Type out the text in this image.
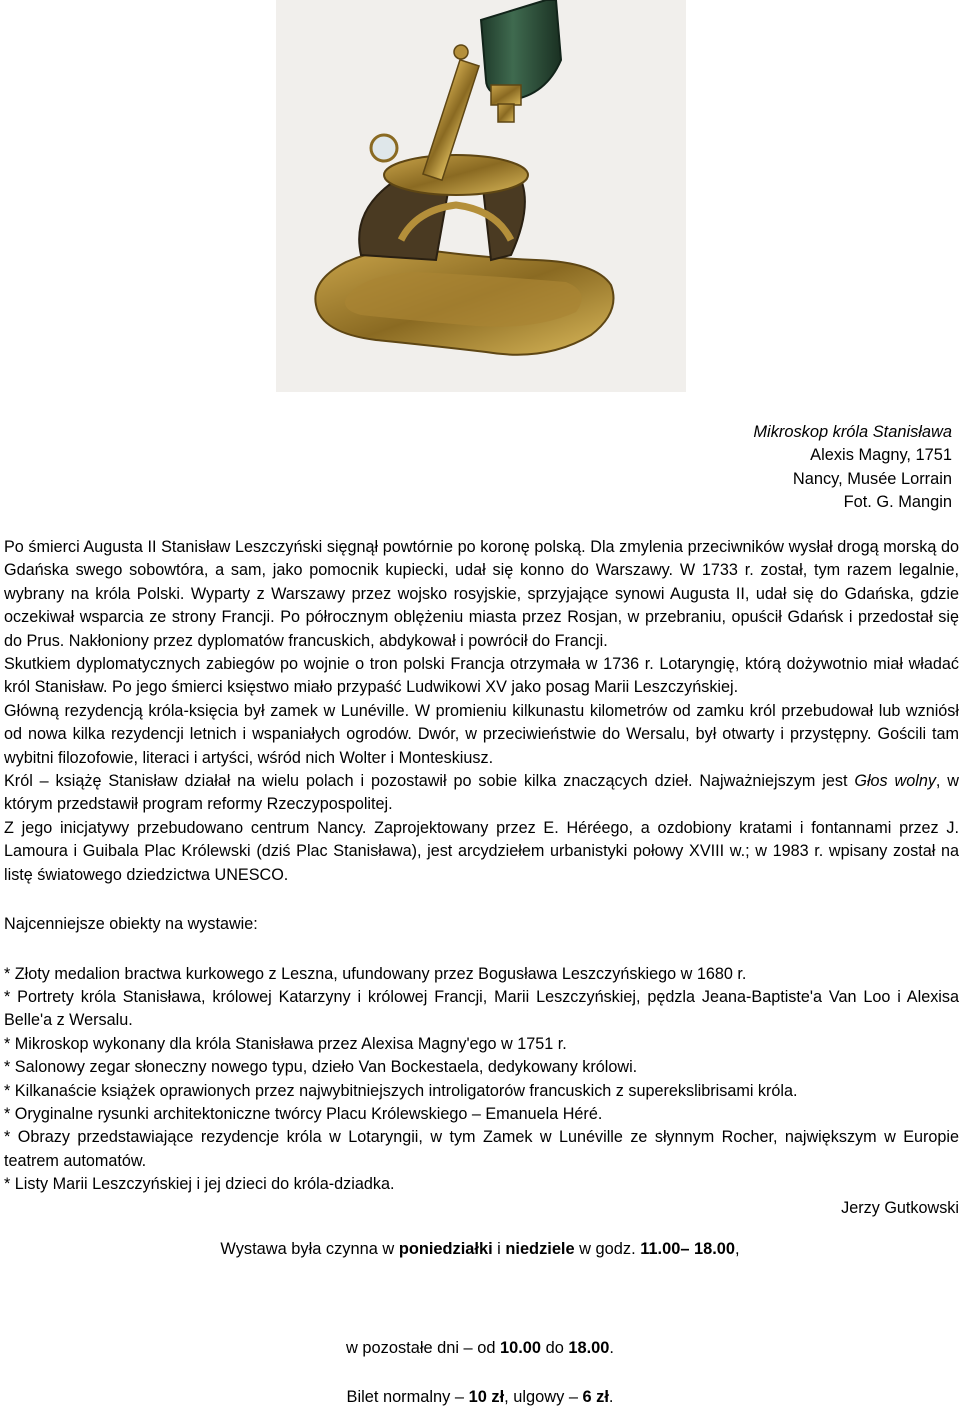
Mikroskop króla Stanisława
Alexis Magny, 1751
Nancy, Musée Lorrain
Fot. G. Mangin

Po śmierci Augusta II Stanisław Leszczyński sięgnął powtórnie po koronę polską. Dla zmylenia przeciwników wysłał drogą morską do Gdańska swego sobowtóra, a sam, jako pomocnik kupiecki, udał się konno do Warszawy. W 1733 r. został, tym razem legalnie, wybrany na króla Polski. Wyparty z Warszawy przez wojsko rosyjskie, sprzyjające synowi Augusta II, udał się do Gdańska, gdzie oczekiwał wsparcia ze strony Francji. Po półrocznym oblężeniu miasta przez Rosjan, w przebraniu, opuścił Gdańsk i przedostał się do Prus. Nakłoniony przez dyplomatów francuskich, abdykował i powrócił do Francji.

Skutkiem dyplomatycznych zabiegów po wojnie o tron polski Francja otrzymała w 1736 r. Lotaryngię, którą dożywotnio miał władać król Stanisław. Po jego śmierci księstwo miało przypaść Ludwikowi XV jako posag Marii Leszczyńskiej.

Główną rezydencją króla-księcia był zamek w Lunéville. W promieniu kilkunastu kilometrów od zamku król przebudował lub wzniósł od nowa kilka rezydencji letnich i wspaniałych ogrodów. Dwór, w przeciwieństwie do Wersalu, był otwarty i przystępny. Gościli tam wybitni filozofowie, literaci i artyści, wśród nich Wolter i Monteskiusz.

Król – książę Stanisław działał na wielu polach i pozostawił po sobie kilka znaczących dzieł. Najważniejszym jest Głos wolny, w którym przedstawił program reformy Rzeczypospolitej.

Z jego inicjatywy przebudowano centrum Nancy. Zaprojektowany przez E. Héréego, a ozdobiony kratami i fontannami przez J. Lamoura i Guibala Plac Królewski (dziś Plac Stanisława), jest arcydziełem urbanistyki połowy XVIII w.; w 1983 r. wpisany został na listę światowego dziedzictwa UNESCO.

Najcenniejsze obiekty na wystawie:

* Złoty medalion bractwa kurkowego z Leszna, ufundowany przez Bogusława Leszczyńskiego w 1680 r.

* Portrety króla Stanisława, królowej Katarzyny i królowej Francji, Marii Leszczyńskiej, pędzla Jeana-Baptiste'a Van Loo i Alexisa Belle'a z Wersalu.

* Mikroskop wykonany dla króla Stanisława przez Alexisa Magny'ego w 1751 r.

* Salonowy zegar słoneczny nowego typu, dzieło Van Bockestaela, dedykowany królowi.

* Kilkanaście książek oprawionych przez najwybitniejszych introligatorów francuskich z superekslibrisami króla.

* Oryginalne rysunki architektoniczne twórcy Placu Królewskiego – Emanuela Héré.

* Obrazy przedstawiające rezydencje króla w Lotaryngii, w tym Zamek w Lunéville ze słynnym Rocher, największym w Europie teatrem automatów.

* Listy Marii Leszczyńskiej i jej dzieci do króla-dziadka.

Jerzy Gutkowski

Wystawa była czynna w poniedziałki i niedziele w godz. 11.00– 18.00,
w pozostałe dni – od 10.00 do 18.00.
Bilet normalny – 10 zł, ulgowy – 6 zł.
